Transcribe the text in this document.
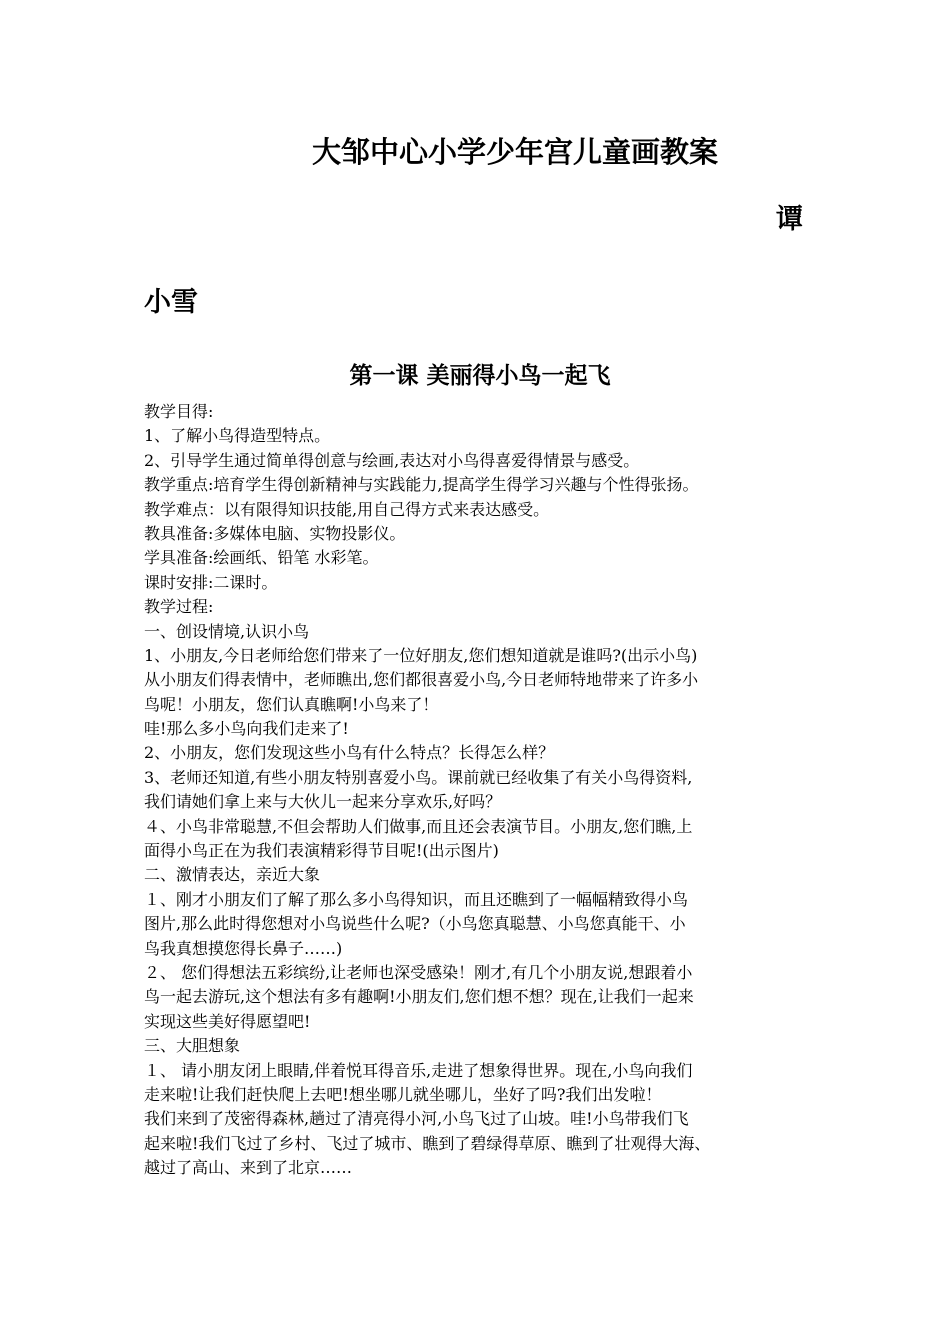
大邹中心小学少年宫儿童画教案
谭
小雪
第一课 美丽得小鸟一起飞
教学目得:
1、了解小鸟得造型特点。
2、引导学生通过简单得创意与绘画,表达对小鸟得喜爱得情景与感受。
教学重点:培育学生得创新精神与实践能力,提高学生得学习兴趣与个性得张扬。
教学难点：以有限得知识技能,用自己得方式来表达感受。
教具准备:多媒体电脑、实物投影仪。
学具准备:绘画纸、铅笔 水彩笔。
课时安排:二课时。
教学过程:
一、创设情境,认识小鸟
1、小朋友,今日老师给您们带来了一位好朋友,您们想知道就是谁吗?(出示小鸟)
从小朋友们得表情中，老师瞧出,您们都很喜爱小鸟,今日老师特地带来了许多小
鸟呢！小朋友，您们认真瞧啊!小鸟来了！
哇!那么多小鸟向我们走来了!
2、小朋友，您们发现这些小鸟有什么特点？长得怎么样？
3、老师还知道,有些小朋友特别喜爱小鸟。课前就已经收集了有关小鸟得资料,
我们请她们拿上来与大伙儿一起来分享欢乐,好吗？
４、小鸟非常聪慧,不但会帮助人们做事,而且还会表演节目。小朋友,您们瞧,上
面得小鸟正在为我们表演精彩得节目呢!(出示图片)
二、激情表达，亲近大象
１、刚才小朋友们了解了那么多小鸟得知识，而且还瞧到了一幅幅精致得小鸟
图片,那么此时得您想对小鸟说些什么呢?（小鸟您真聪慧、小鸟您真能干、小
鸟我真想摸您得长鼻子……)
２、 您们得想法五彩缤纷,让老师也深受感染！刚才,有几个小朋友说,想跟着小
鸟一起去游玩,这个想法有多有趣啊!小朋友们,您们想不想？现在,让我们一起来
实现这些美好得愿望吧!
三、大胆想象
１、 请小朋友闭上眼睛,伴着悦耳得音乐,走进了想象得世界。现在,小鸟向我们
走来啦!让我们赶快爬上去吧!想坐哪儿就坐哪儿，坐好了吗?我们出发啦！
我们来到了茂密得森林,趟过了清亮得小河,小鸟飞过了山坡。哇!小鸟带我们飞
起来啦!我们飞过了乡村、飞过了城市、瞧到了碧绿得草原、瞧到了壮观得大海、
越过了高山、来到了北京……
